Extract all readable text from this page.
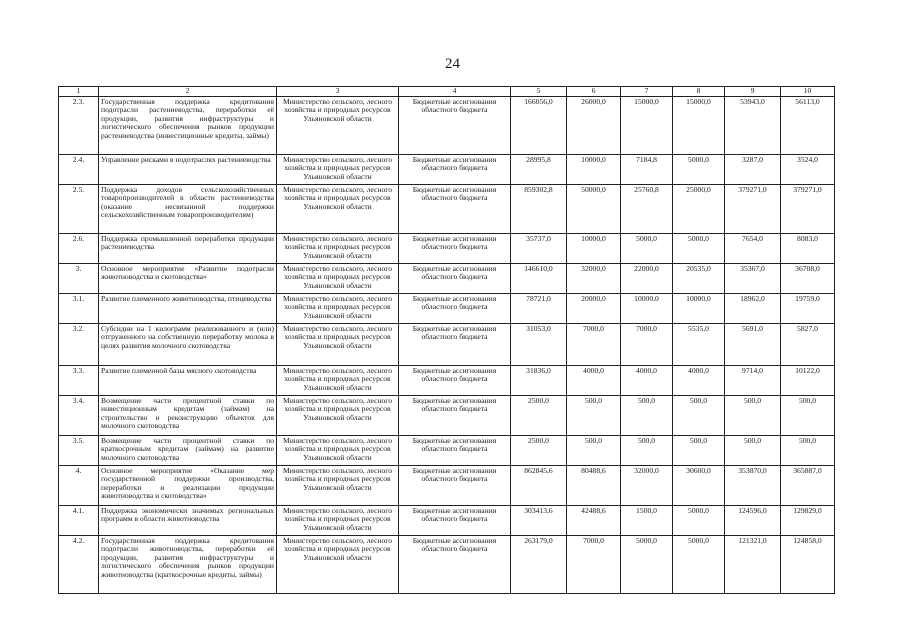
24
1	2	3	4	5	6	7	8	9	10
2.3.	Государственная поддержка кредитования подотрасли растениеводства, переработки её продукции, развития инфраструктуры и логистического обеспечения рынков продукции растениеводства (инвестиционные кредиты, займы)	Министерство сельского, лесного хозяйства и природных ресурсов Ульяновской области	Бюджетные ассигнования областного бюджета	166056,0	26000,0	15000,0	15000,0	53943,0	56113,0
2.4.	Управление рисками в подотраслях растениеводства	Министерство сельского, лесного хозяйства и природных ресурсов Ульяновской области	Бюджетные ассигнования областного бюджета	28995,8	10000,0	7184,8	5000,0	3287,0	3524,0
2.5.	Поддержка доходов сельскохозяйственных товаропроизводителей в области растениеводства (оказание несвязанной поддержки сельскохозяйственным товаропроизводителям)	Министерство сельского, лесного хозяйства и природных ресурсов Ульяновской области	Бюджетные ассигнования областного бюджета	859302,8	50000,0	25760,8	25000,0	379271,0	379271,0
2.6.	Поддержка промышленной переработки продукции растениеводства	Министерство сельского, лесного хозяйства и природных ресурсов Ульяновской области	Бюджетные ассигнования областного бюджета	35737,0	10000,0	5000,0	5000,0	7654,0	8083,0
3.	Основное мероприятие «Развитие подотрасли животноводства и скотоводства»	Министерство сельского, лесного хозяйства и природных ресурсов Ульяновской области	Бюджетные ассигнования областного бюджета	146610,0	32000,0	22000,0	20535,0	35367,0	36708,0
3.1.	Развитие племенного животноводства, птицеводства	Министерство сельского, лесного хозяйства и природных ресурсов Ульяновской области	Бюджетные ассигнования областного бюджета	78721,0	20000,0	10000,0	10000,0	18962,0	19759,0
3.2.	Субсидии на 1 килограмм реализованного и (или) отгруженного на собственную переработку молока в целях развития молочного скотоводства	Министерство сельского, лесного хозяйства и природных ресурсов Ульяновской области	Бюджетные ассигнования областного бюджета	31053,0	7000,0	7000,0	5535,0	5691,0	5827,0
3.3.	Развитие племенной базы мясного скотоводства	Министерство сельского, лесного хозяйства и природных ресурсов Ульяновской области	Бюджетные ассигнования областного бюджета	31836,0	4000,0	4000,0	4000,0	9714,0	10122,0
3.4.	Возмещение части процентной ставки по инвестиционным кредитам (займам) на строительство и реконструкцию объектов для молочного скотоводства	Министерство сельского, лесного хозяйства и природных ресурсов Ульяновской области	Бюджетные ассигнования областного бюджета	2500,0	500,0	500,0	500,0	500,0	500,0
3.5.	Возмещение части процентной ставки по краткосрочным кредитам (займам) на развитие молочного скотоводства	Министерство сельского, лесного хозяйства и природных ресурсов Ульяновской области	Бюджетные ассигнования областного бюджета	2500,0	500,0	500,0	500,0	500,0	500,0
4.	Основное мероприятие «Оказание мер государственной поддержки производства, переработки и реализации продукции животноводства и скотоводства»	Министерство сельского, лесного хозяйства и природных ресурсов Ульяновской области	Бюджетные ассигнования областного бюджета	862845,6	80488,6	32000,0	30600,0	353870,0	365887,0
4.1.	Поддержка экономически значимых региональных программ в области животноводства	Министерство сельского, лесного хозяйства и природных ресурсов Ульяновской области	Бюджетные ассигнования областного бюджета	303413,6	42488,6	1500,0	5000,0	124596,0	129829,0
4.2.	Государственная поддержка кредитования подотрасли животноводства, переработки её продукции, развития инфраструктуры и логистического обеспечения рынков продукции животноводства (краткосрочные кредиты, займы)	Министерство сельского, лесного хозяйства и природных ресурсов Ульяновской области	Бюджетные ассигнования областного бюджета	263179,0	7000,0	5000,0	5000,0	121321,0	124858,0
